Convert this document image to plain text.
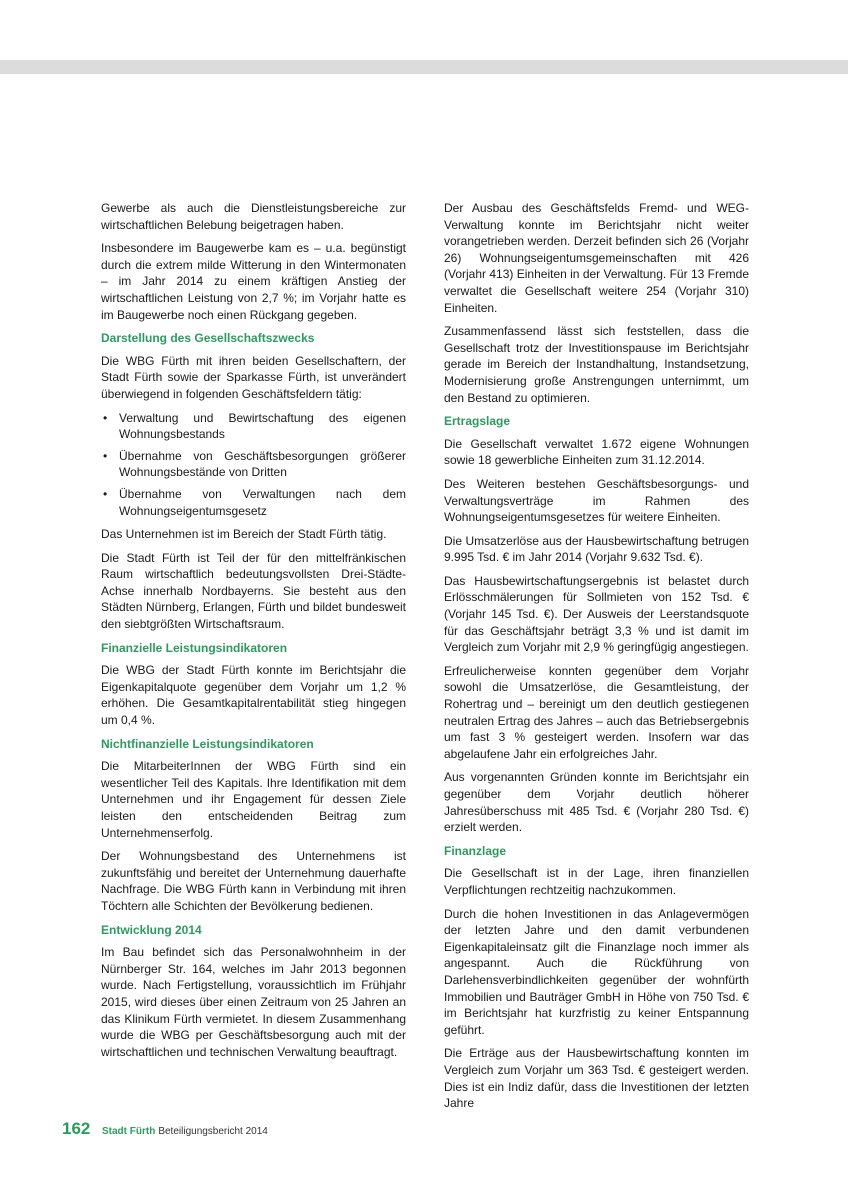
Gewerbe als auch die Dienstleistungsbereiche zur wirtschaftlichen Belebung beigetragen haben.

Insbesondere im Baugewerbe kam es – u.a. begünstigt durch die extrem milde Witterung in den Wintermonaten – im Jahr 2014 zu einem kräftigen Anstieg der wirtschaftlichen Leistung von 2,7 %; im Vorjahr hatte es im Baugewerbe noch einen Rückgang gegeben.

Darstellung des Gesellschaftszwecks

Die WBG Fürth mit ihren beiden Gesellschaftern, der Stadt Fürth sowie der Sparkasse Fürth, ist unverändert überwiegend in folgenden Geschäftsfeldern tätig:

• Verwaltung und Bewirtschaftung des eigenen Wohnungsbestands
• Übernahme von Geschäftsbesorgungen größerer Wohnungsbestände von Dritten
• Übernahme von Verwaltungen nach dem Wohnungseigentumsgesetz

Das Unternehmen ist im Bereich der Stadt Fürth tätig.

Die Stadt Fürth ist Teil der für den mittelfränkischen Raum wirtschaftlich bedeutungsvollsten Drei-Städte-Achse innerhalb Nordbayerns. Sie besteht aus den Städten Nürnberg, Erlangen, Fürth und bildet bundesweit den siebtgrößten Wirtschaftsraum.

Finanzielle Leistungsindikatoren

Die WBG der Stadt Fürth konnte im Berichtsjahr die Eigenkapitalquote gegenüber dem Vorjahr um 1,2 % erhöhen. Die Gesamtkapitalrentabilität stieg hingegen um 0,4 %.

Nichtfinanzielle Leistungsindikatoren

Die MitarbeiterInnen der WBG Fürth sind ein wesentlicher Teil des Kapitals. Ihre Identifikation mit dem Unternehmen und ihr Engagement für dessen Ziele leisten den entscheidenden Beitrag zum Unternehmenserfolg.

Der Wohnungsbestand des Unternehmens ist zukunftsfähig und bereitet der Unternehmung dauerhafte Nachfrage. Die WBG Fürth kann in Verbindung mit ihren Töchtern alle Schichten der Bevölkerung bedienen.

Entwicklung 2014

Im Bau befindet sich das Personalwohnheim in der Nürnberger Str. 164, welches im Jahr 2013 begonnen wurde. Nach Fertigstellung, voraussichtlich im Frühjahr 2015, wird dieses über einen Zeitraum von 25 Jahren an das Klinikum Fürth vermietet. In diesem Zusammenhang wurde die WBG per Geschäftsbesorgung auch mit der wirtschaftlichen und technischen Verwaltung beauftragt.

Der Ausbau des Geschäftsfelds Fremd- und WEG-Verwaltung konnte im Berichtsjahr nicht weiter vorangetrieben werden. Derzeit befinden sich 26 (Vorjahr 26) Wohnungseigentumsgemeinschaften mit 426 (Vorjahr 413) Einheiten in der Verwaltung. Für 13 Fremde verwaltet die Gesellschaft weitere 254 (Vorjahr 310) Einheiten.

Zusammenfassend lässt sich feststellen, dass die Gesellschaft trotz der Investitionspause im Berichtsjahr gerade im Bereich der Instandhaltung, Instandsetzung, Modernisierung große Anstrengungen unternimmt, um den Bestand zu optimieren.

Ertragslage

Die Gesellschaft verwaltet 1.672 eigene Wohnungen sowie 18 gewerbliche Einheiten zum 31.12.2014.

Des Weiteren bestehen Geschäftsbesorgungs- und Verwaltungsverträge im Rahmen des Wohnungseigentumsgesetzes für weitere Einheiten.

Die Umsatzerlöse aus der Hausbewirtschaftung betrugen 9.995 Tsd. € im Jahr 2014 (Vorjahr 9.632 Tsd. €).

Das Hausbewirtschaftungsergebnis ist belastet durch Erlösschmälerungen für Sollmieten von 152 Tsd. € (Vorjahr 145 Tsd. €). Der Ausweis der Leerstandsquote für das Geschäftsjahr beträgt 3,3 % und ist damit im Vergleich zum Vorjahr mit 2,9 % geringfügig angestiegen.

Erfreulicherweise konnten gegenüber dem Vorjahr sowohl die Umsatzerlöse, die Gesamtleistung, der Rohertrag und – bereinigt um den deutlich gestiegenen neutralen Ertrag des Jahres – auch das Betriebsergebnis um fast 3 % gesteigert werden. Insofern war das abgelaufene Jahr ein erfolgreiches Jahr.

Aus vorgenannten Gründen konnte im Berichtsjahr ein gegenüber dem Vorjahr deutlich höherer Jahresüberschuss mit 485 Tsd. € (Vorjahr 280 Tsd. €) erzielt werden.

Finanzlage

Die Gesellschaft ist in der Lage, ihren finanziellen Verpflichtungen rechtzeitig nachzukommen.

Durch die hohen Investitionen in das Anlagevermögen der letzten Jahre und den damit verbundenen Eigenkapitaleinsatz gilt die Finanzlage noch immer als angespannt. Auch die Rückführung von Darlehensverbindlichkeiten gegenüber der wohnfürth Immobilien und Bauträger GmbH in Höhe von 750 Tsd. € im Berichtsjahr hat kurzfristig zu keiner Entspannung geführt.

Die Erträge aus der Hausbewirtschaftung konnten im Vergleich zum Vorjahr um 363 Tsd. € gesteigert werden. Dies ist ein Indiz dafür, dass die Investitionen der letzten Jahre

162	Stadt Fürth Beteiligungsbericht 2014
